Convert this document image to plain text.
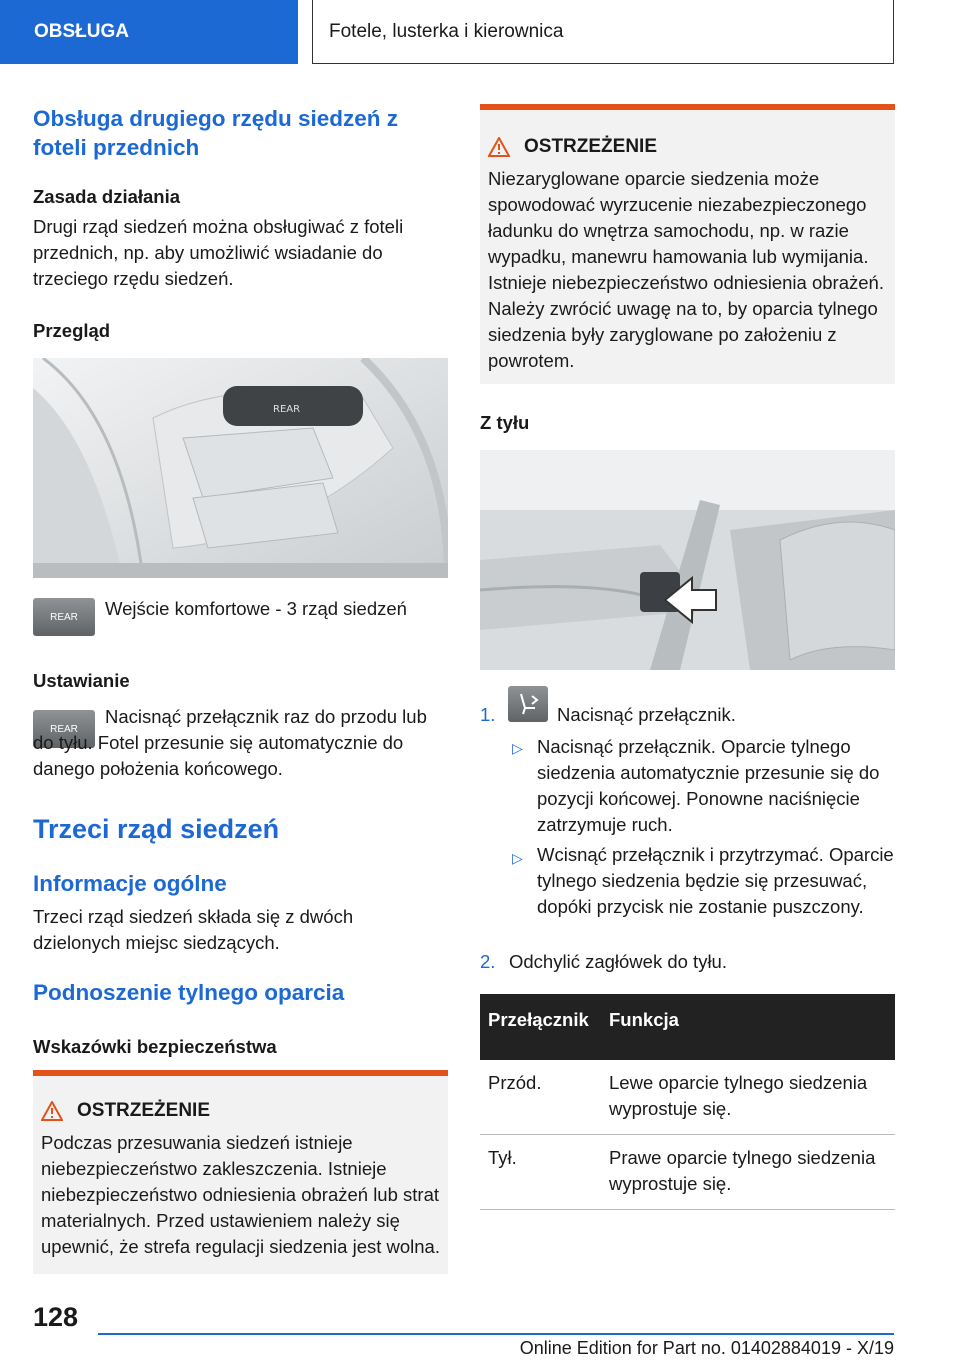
OBSŁUGA	Fotele, lusterka i kierownica
Obsługa drugiego rzędu siedzeń z foteli przednich
Zasada działania
Drugi rząd siedzeń można obsługiwać z foteli przednich, np. aby umożliwić wsiadanie do trzeciego rzędu siedzeń.
Przegląd
REAR
REAR Wejście komfortowe - 3 rząd siedzeń
Ustawianie
REAR
Nacisnąć przełącznik raz do przodu lub do tyłu. Fotel przesunie się automatycznie do danego położenia końcowego.
Trzeci rząd siedzeń
Informacje ogólne
Trzeci rząd siedzeń składa się z dwóch dzielonych miejsc siedzących.
Podnoszenie tylnego oparcia
Wskazówki bezpieczeństwa
OSTRZEŻENIE
Podczas przesuwania siedzeń istnieje niebezpieczeństwo zakleszczenia. Istnieje niebezpieczeństwo odniesienia obrażeń lub strat materialnych. Przed ustawieniem należy się upewnić, że strefa regulacji siedzenia jest wolna.
OSTRZEŻENIE
Niezaryglowane oparcie siedzenia może spowodować wyrzucenie niezabezpieczonego ładunku do wnętrza samochodu, np. w razie wypadku, manewru hamowania lub wymijania. Istnieje niebezpieczeństwo odniesienia obrażeń. Należy zwrócić uwagę na to, by oparcia tylnego siedzenia były zaryglowane po założeniu z powrotem.
Z tyłu
1.	Nacisnąć przełącznik.
▷ Nacisnąć przełącznik. Oparcie tylnego siedzenia automatycznie przesunie się do pozycji końcowej. Ponowne naciśnięcie zatrzymuje ruch.
▷ Wcisnąć przełącznik i przytrzymać. Oparcie tylnego siedzenia będzie się przesuwać, dopóki przycisk nie zostanie puszczony.
2. Odchylić zagłówek do tyłu.
Przełącznik	Funkcja
Przód.	Lewe oparcie tylnego siedzenia wyprostuje się.
Tył.	Prawe oparcie tylnego siedzenia wyprostuje się.
128
Online Edition for Part no. 01402884019 - X/19
